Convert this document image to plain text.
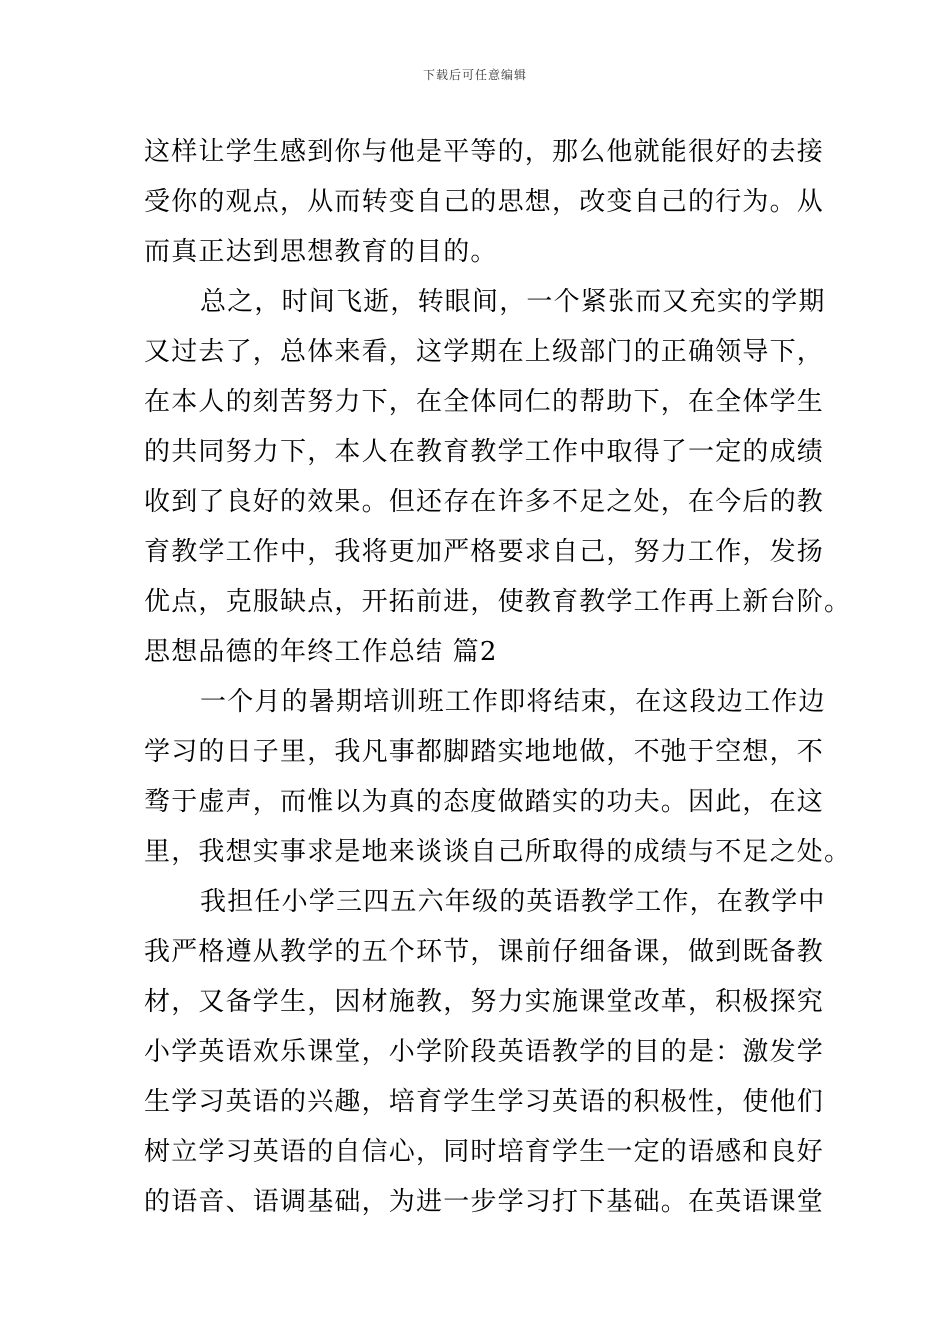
下载后可任意编辑

这样让学生感到你与他是平等的，那么他就能很好的去接
受你的观点，从而转变自己的思想，改变自己的行为。从
而真正达到思想教育的目的。

总之，时间飞逝，转眼间，一个紧张而又充实的学期
又过去了，总体来看，这学期在上级部门的正确领导下，
在本人的刻苦努力下，在全体同仁的帮助下，在全体学生
的共同努力下，本人在教育教学工作中取得了一定的成绩
收到了良好的效果。但还存在许多不足之处，在今后的教
育教学工作中，我将更加严格要求自己，努力工作，发扬
优点，克服缺点，开拓前进，使教育教学工作再上新台阶。

思想品德的年终工作总结 篇2

一个月的暑期培训班工作即将结束，在这段边工作边
学习的日子里，我凡事都脚踏实地地做，不弛于空想，不
骛于虚声，而惟以为真的态度做踏实的功夫。因此，在这
里，我想实事求是地来谈谈自己所取得的成绩与不足之处。

我担任小学三四五六年级的英语教学工作，在教学中
我严格遵从教学的五个环节，课前仔细备课，做到既备教
材，又备学生，因材施教，努力实施课堂改革，积极探究
小学英语欢乐课堂，小学阶段英语教学的目的是：激发学
生学习英语的兴趣，培育学生学习英语的积极性，使他们
树立学习英语的自信心，同时培育学生一定的语感和良好
的语音、语调基础，为进一步学习打下基础。在英语课堂
